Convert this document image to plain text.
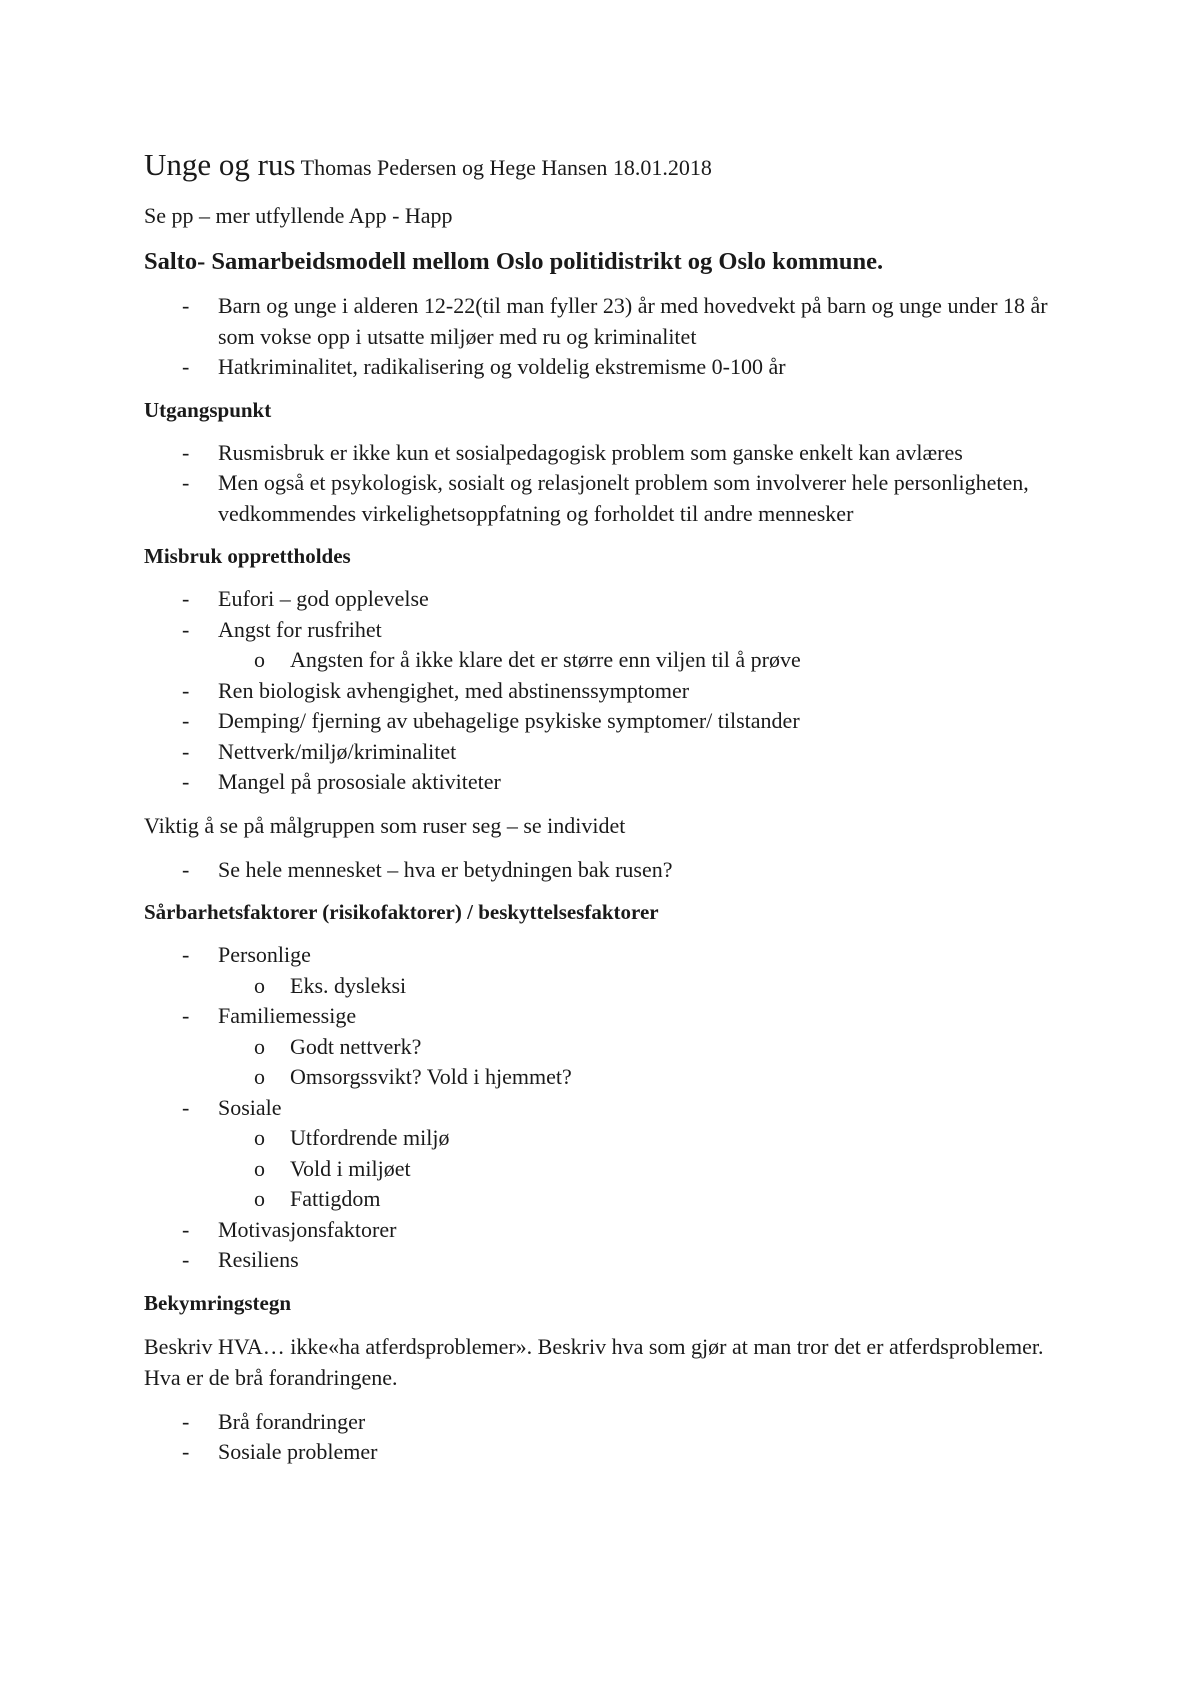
Unge og rus Thomas Pedersen og Hege Hansen 18.01.2018

Se pp – mer utfyllende App - Happ

Salto- Samarbeidsmodell mellom Oslo politidistrikt og Oslo kommune.
- Barn og unge i alderen 12-22(til man fyller 23) år med hovedvekt på barn og unge under 18 år som vokse opp i utsatte miljøer med ru og kriminalitet
- Hatkriminalitet, radikalisering og voldelig ekstremisme 0-100 år
Utgangspunkt
- Rusmisbruk er ikke kun et sosialpedagogisk problem som ganske enkelt kan avlæres
- Men også et psykologisk, sosialt og relasjonelt problem som involverer hele personligheten, vedkommendes virkelighetsoppfatning og forholdet til andre mennesker
Misbruk opprettholdes
- Eufori – god opplevelse
- Angst for rusfrihet
o Angsten for å ikke klare det er større enn viljen til å prøve
- Ren biologisk avhengighet, med abstinenssymptomer
- Demping/ fjerning av ubehagelige psykiske symptomer/ tilstander
- Nettverk/miljø/kriminalitet
- Mangel på prososiale aktiviteter

Viktig å se på målgruppen som ruser seg – se individet

- Se hele mennesket – hva er betydningen bak rusen?
Sårbarhetsfaktorer (risikofaktorer) / beskyttelsesfaktorer
- Personlige
o Eks. dysleksi
- Familiemessige
o Godt nettverk?
o Omsorgssvikt? Vold i hjemmet?
- Sosiale
o Utfordrende miljø
o Vold i miljøet
o Fattigdom
- Motivasjonsfaktorer
- Resiliens
Bekymringstegn

Beskriv HVA… ikke«ha atferdsproblemer». Beskriv hva som gjør at man tror det er atferdsproblemer. Hva er de brå forandringene.

- Brå forandringer
- Sosiale problemer
